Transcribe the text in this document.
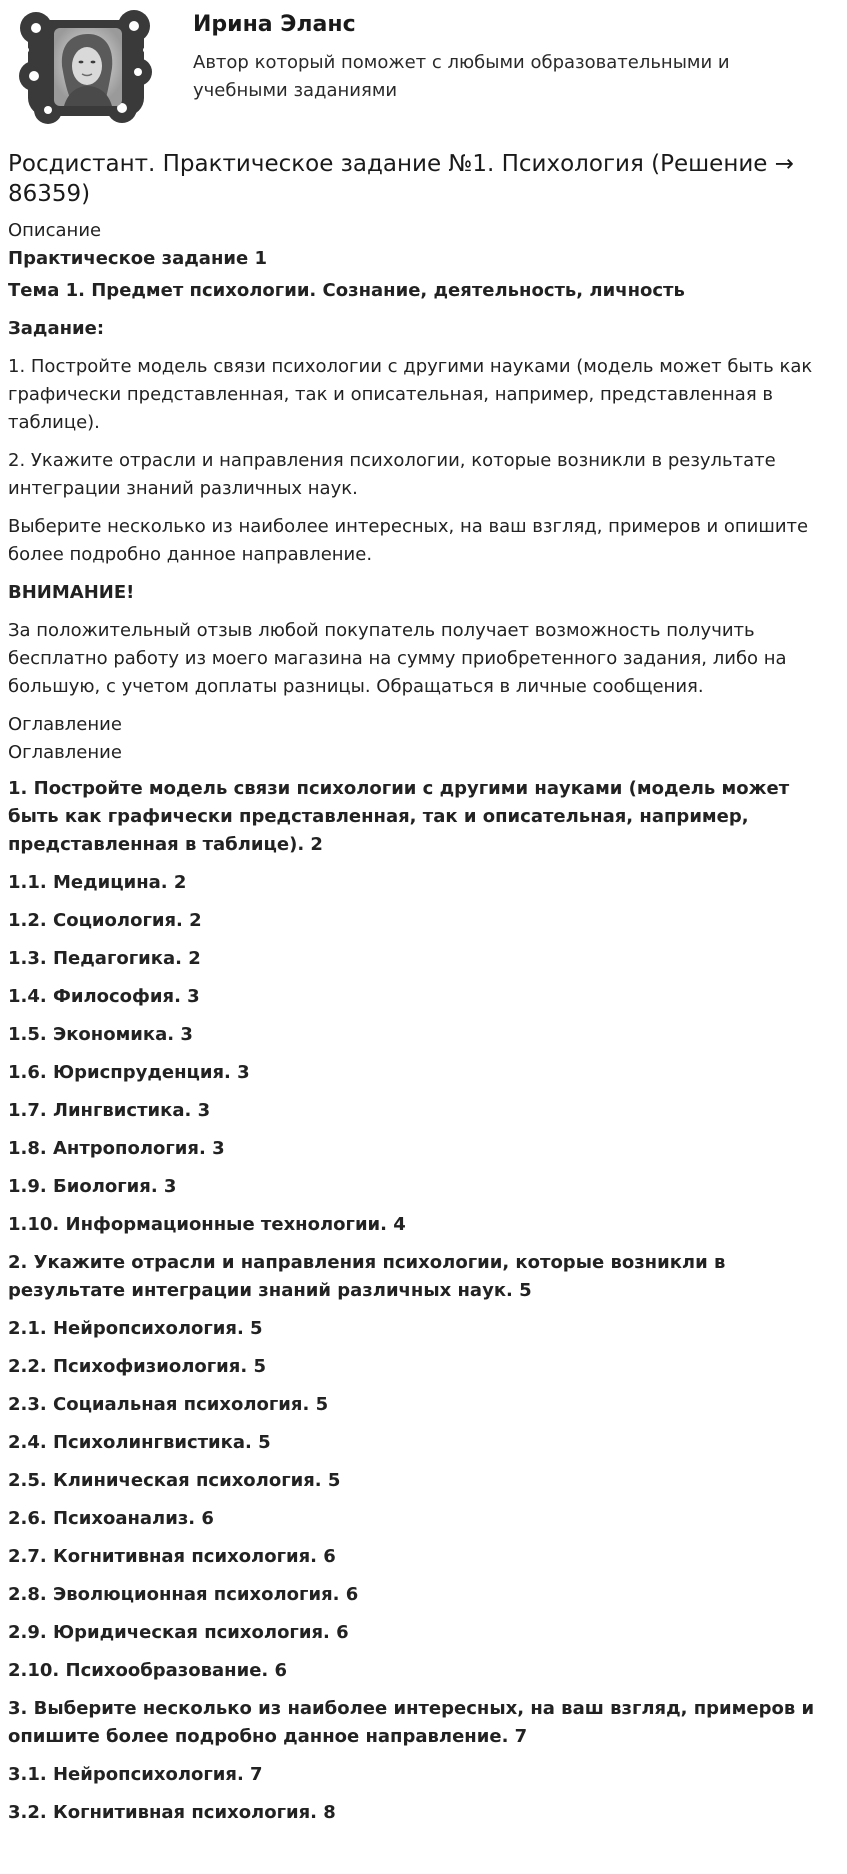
Ирина Эланс

Автор который поможет с любыми образовательными и учебными заданиями

Росдистант. Практическое задание №1. Психология (Решение → 86359)
Описание

Практическое задание 1

Тема 1. Предмет психологии. Сознание, деятельность, личность

Задание:

1. Постройте модель связи психологии с другими науками (модель может быть как графически представленная, так и описательная, например, представленная в таблице).

2. Укажите отрасли и направления психологии, которые возникли в результате интеграции знаний различных наук.

Выберите несколько из наиболее интересных, на ваш взгляд, примеров и опишите более подробно данное направление.

ВНИМАНИЕ!

За положительный отзыв любой покупатель получает возможность получить бесплатно работу из моего магазина на сумму приобретенного задания, либо на большую, с учетом доплаты разницы. Обращаться в личные сообщения.

Оглавление
Оглавление

1. Постройте модель связи психологии с другими науками (модель может быть как графически представленная, так и описательная, например, представленная в таблице). 2

1.1. Медицина. 2

1.2. Социология. 2

1.3. Педагогика. 2

1.4. Философия. 3

1.5. Экономика. 3

1.6. Юриспруденция. 3

1.7. Лингвистика. 3

1.8. Антропология. 3

1.9. Биология. 3

1.10. Информационные технологии. 4

2. Укажите отрасли и направления психологии, которые возникли в результате интеграции знаний различных наук. 5

2.1. Нейропсихология. 5

2.2. Психофизиология. 5

2.3. Социальная психология. 5

2.4. Психолингвистика. 5

2.5. Клиническая психология. 5

2.6. Психоанализ. 6

2.7. Когнитивная психология. 6

2.8. Эволюционная психология. 6

2.9. Юридическая психология. 6

2.10. Психообразование. 6

3. Выберите несколько из наиболее интересных, на ваш взгляд, примеров и опишите более подробно данное направление. 7

3.1. Нейропсихология. 7

3.2. Когнитивная психология. 8
